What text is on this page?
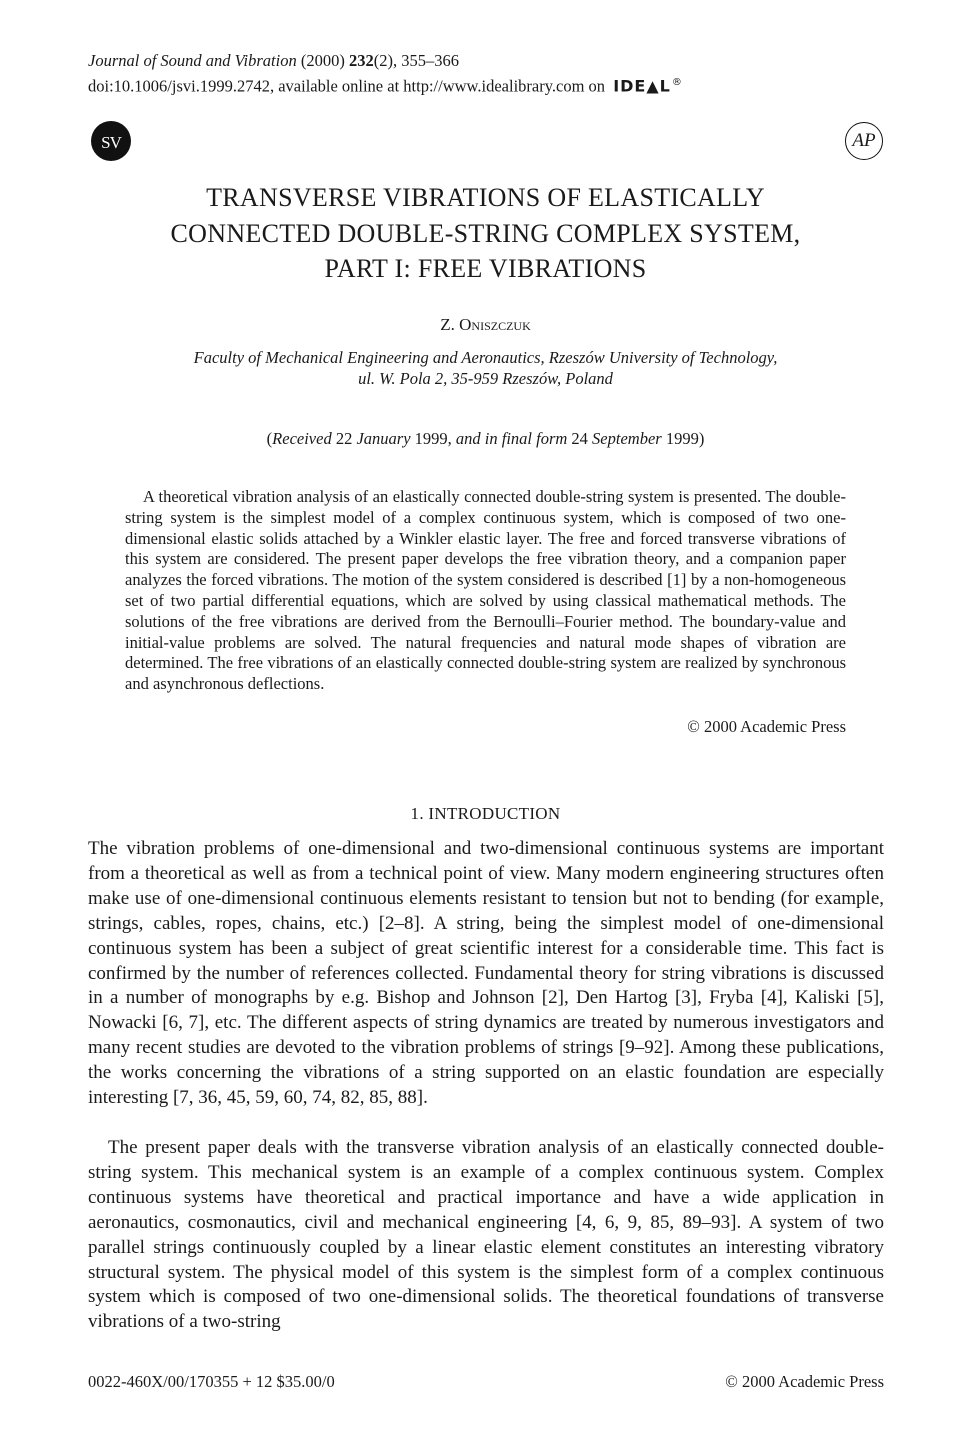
Journal of Sound and Vibration (2000) 232(2), 355–366
doi:10.1006/jsvi.1999.2742, available online at http://www.idealibrary.com on IDE▲L®
SV	AP
TRANSVERSE VIBRATIONS OF ELASTICALLY
CONNECTED DOUBLE-STRING COMPLEX SYSTEM,
PART I: FREE VIBRATIONS
Z. Oniszczuk
Faculty of Mechanical Engineering and Aeronautics, Rzeszów University of Technology,
ul. W. Pola 2, 35-959 Rzeszów, Poland
(Received 22 January 1999, and in final form 24 September 1999)

A theoretical vibration analysis of an elastically connected double-string system is presented. The double-string system is the simplest model of a complex continuous system, which is composed of two one-dimensional elastic solids attached by a Winkler elastic layer. The free and forced transverse vibrations of this system are considered. The present paper develops the free vibration theory, and a companion paper analyzes the forced vibrations. The motion of the system considered is described [1] by a non-homogeneous set of two partial differential equations, which are solved by using classical mathematical methods. The solutions of the free vibrations are derived from the Bernoulli–Fourier method. The boundary-value and initial-value problems are solved. The natural frequencies and natural mode shapes of vibration are determined. The free vibrations of an elastically connected double-string system are realized by synchronous and asynchronous deflections.

© 2000 Academic Press
1. INTRODUCTION

The vibration problems of one-dimensional and two-dimensional continuous systems are important from a theoretical as well as from a technical point of view. Many modern engineering structures often make use of one-dimensional continuous elements resistant to tension but not to bending (for example, strings, cables, ropes, chains, etc.) [2–8]. A string, being the simplest model of one-dimensional continuous system has been a subject of great scientific interest for a considerable time. This fact is confirmed by the number of references collected. Fundamental theory for string vibrations is discussed in a number of monographs by e.g. Bishop and Johnson [2], Den Hartog [3], Fryba [4], Kaliski [5], Nowacki [6, 7], etc. The different aspects of string dynamics are treated by numerous investigators and many recent studies are devoted to the vibration problems of strings [9–92]. Among these publications, the works concerning the vibrations of a string supported on an elastic foundation are especially interesting [7, 36, 45, 59, 60, 74, 82, 85, 88].

The present paper deals with the transverse vibration analysis of an elastically connected double-string system. This mechanical system is an example of a complex continuous system. Complex continuous systems have theoretical and practical importance and have a wide application in aeronautics, cosmonautics, civil and mechanical engineering [4, 6, 9, 85, 89–93]. A system of two parallel strings continuously coupled by a linear elastic element constitutes an interesting vibratory structural system. The physical model of this system is the simplest form of a complex continuous system which is composed of two one-dimensional solids. The theoretical foundations of transverse vibrations of a two-string

0022-460X/00/170355 + 12 $35.00/0	© 2000 Academic Press
